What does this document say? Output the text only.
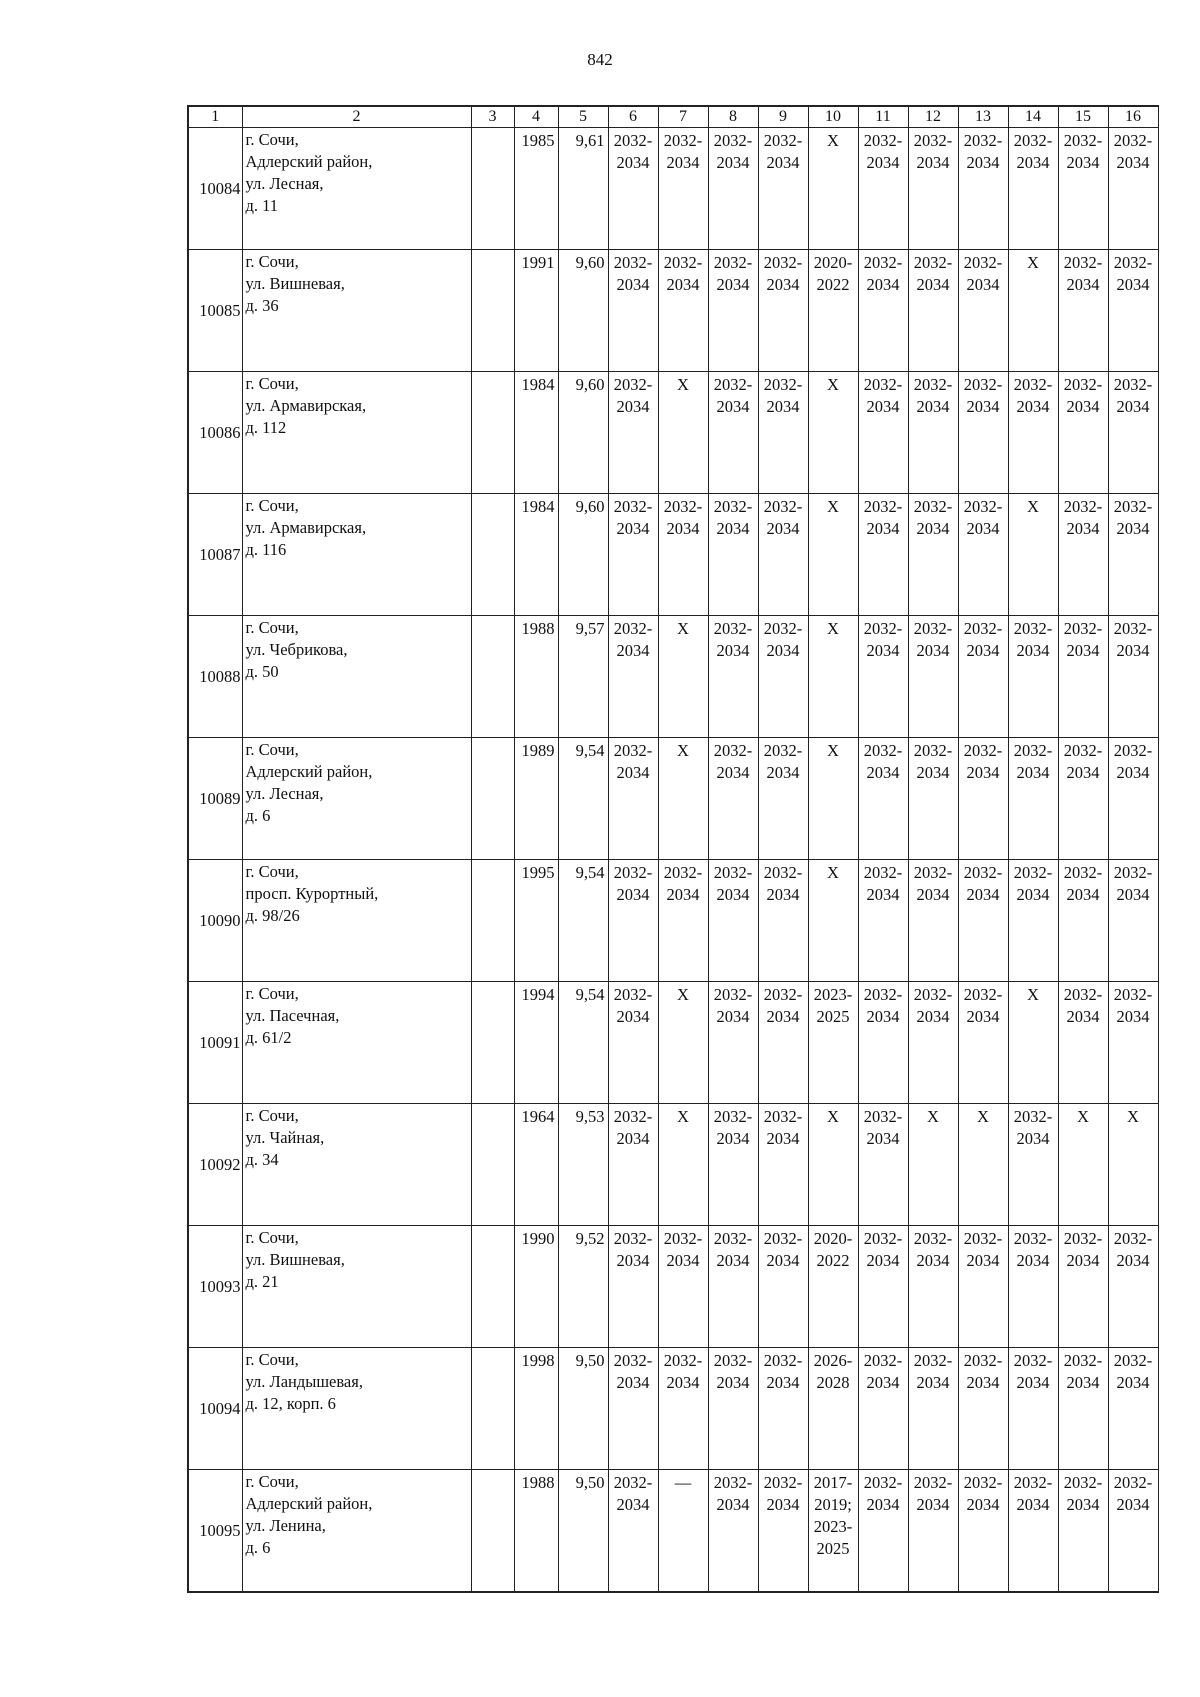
842
1	2	3	4	5	6	7	8	9	10	11	12	13	14	15	16
10084	г. Сочи,
Адлерский район,
ул. Лесная,
д. 11		1985	9,61	2032-
2034	2032-
2034	2032-
2034	2032-
2034	X	2032-
2034	2032-
2034	2032-
2034	2032-
2034	2032-
2034	2032-
2034

10085	г. Сочи,
ул. Вишневая,
д. 36		1991	9,60	2032-
2034	2032-
2034	2032-
2034	2032-
2034	2020-
2022	2032-
2034	2032-
2034	2032-
2034	X	2032-
2034	2032-
2034

10086	г. Сочи,
ул. Армавирская,
д. 112		1984	9,60	2032-
2034	X	2032-
2034	2032-
2034	X	2032-
2034	2032-
2034	2032-
2034	2032-
2034	2032-
2034	2032-
2034

10087	г. Сочи,
ул. Армавирская,
д. 116		1984	9,60	2032-
2034	2032-
2034	2032-
2034	2032-
2034	X	2032-
2034	2032-
2034	2032-
2034	X	2032-
2034	2032-
2034

10088	г. Сочи,
ул. Чебрикова,
д. 50		1988	9,57	2032-
2034	X	2032-
2034	2032-
2034	X	2032-
2034	2032-
2034	2032-
2034	2032-
2034	2032-
2034	2032-
2034

10089	г. Сочи,
Адлерский район,
ул. Лесная,
д. 6		1989	9,54	2032-
2034	X	2032-
2034	2032-
2034	X	2032-
2034	2032-
2034	2032-
2034	2032-
2034	2032-
2034	2032-
2034

10090	г. Сочи,
просп. Курортный,
д. 98/26		1995	9,54	2032-
2034	2032-
2034	2032-
2034	2032-
2034	X	2032-
2034	2032-
2034	2032-
2034	2032-
2034	2032-
2034	2032-
2034

10091	г. Сочи,
ул. Пасечная,
д. 61/2		1994	9,54	2032-
2034	X	2032-
2034	2032-
2034	2023-
2025	2032-
2034	2032-
2034	2032-
2034	X	2032-
2034	2032-
2034

10092	г. Сочи,
ул. Чайная,
д. 34		1964	9,53	2032-
2034	X	2032-
2034	2032-
2034	X	2032-
2034	X	X	2032-
2034	X	X

10093	г. Сочи,
ул. Вишневая,
д. 21		1990	9,52	2032-
2034	2032-
2034	2032-
2034	2032-
2034	2020-
2022	2032-
2034	2032-
2034	2032-
2034	2032-
2034	2032-
2034	2032-
2034

10094	г. Сочи,
ул. Ландышевая,
д. 12, корп. 6		1998	9,50	2032-
2034	2032-
2034	2032-
2034	2032-
2034	2026-
2028	2032-
2034	2032-
2034	2032-
2034	2032-
2034	2032-
2034	2032-
2034

10095	г. Сочи,
Адлерский район,
ул. Ленина,
д. 6		1988	9,50	2032-
2034	—	2032-
2034	2032-
2034	2017-
2019;
2023-
2025	2032-
2034	2032-
2034	2032-
2034	2032-
2034	2032-
2034	2032-
2034
